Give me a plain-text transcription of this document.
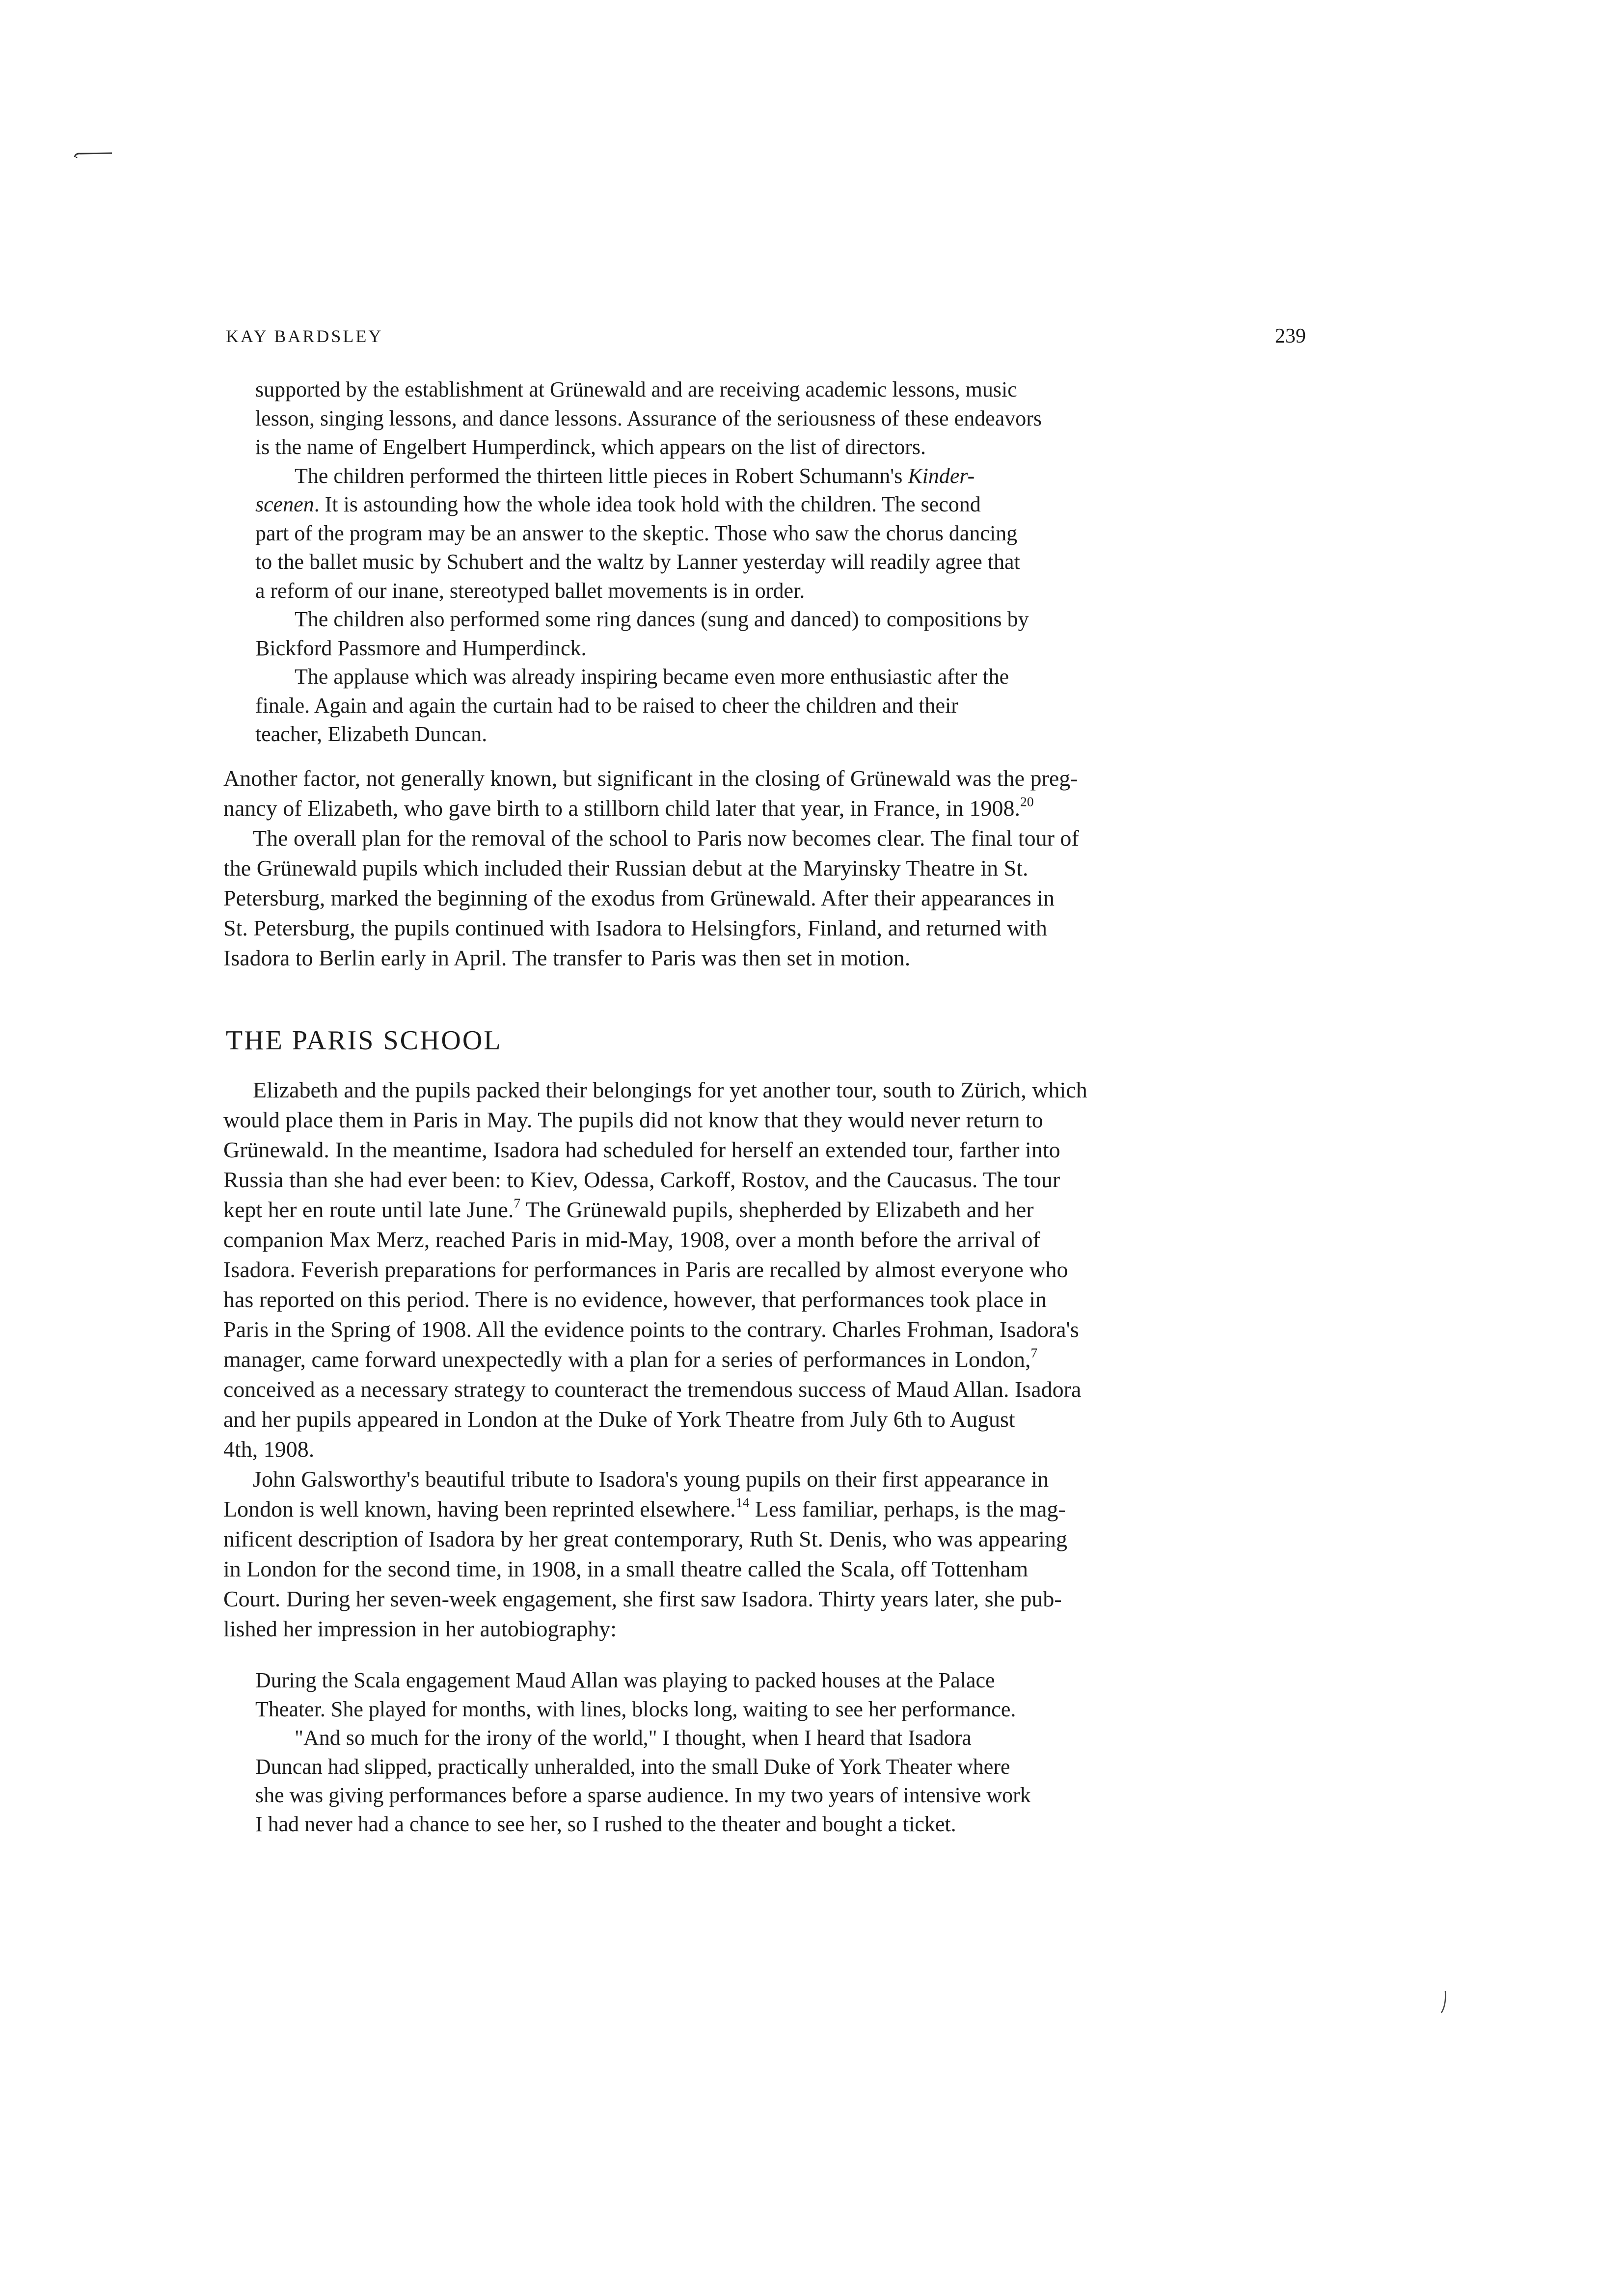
KAY BARDSLEY	239
supported by the establishment at Grünewald and are receiving academic lessons, music
lesson, singing lessons, and dance lessons. Assurance of the seriousness of these endeavors
is the name of Engelbert Humperdinck, which appears on the list of directors.
The children performed the thirteen little pieces in Robert Schumann's Kinder-
scenen. It is astounding how the whole idea took hold with the children. The second
part of the program may be an answer to the skeptic. Those who saw the chorus dancing
to the ballet music by Schubert and the waltz by Lanner yesterday will readily agree that
a reform of our inane, stereotyped ballet movements is in order.
The children also performed some ring dances (sung and danced) to compositions by
Bickford Passmore and Humperdinck.
The applause which was already inspiring became even more enthusiastic after the
finale. Again and again the curtain had to be raised to cheer the children and their
teacher, Elizabeth Duncan.
Another factor, not generally known, but significant in the closing of Grünewald was the preg-
nancy of Elizabeth, who gave birth to a stillborn child later that year, in France, in 1908.20
The overall plan for the removal of the school to Paris now becomes clear. The final tour of
the Grünewald pupils which included their Russian debut at the Maryinsky Theatre in St.
Petersburg, marked the beginning of the exodus from Grünewald. After their appearances in
St. Petersburg, the pupils continued with Isadora to Helsingfors, Finland, and returned with
Isadora to Berlin early in April. The transfer to Paris was then set in motion.
THE PARIS SCHOOL
Elizabeth and the pupils packed their belongings for yet another tour, south to Zürich, which
would place them in Paris in May. The pupils did not know that they would never return to
Grünewald. In the meantime, Isadora had scheduled for herself an extended tour, farther into
Russia than she had ever been: to Kiev, Odessa, Carkoff, Rostov, and the Caucasus. The tour
kept her en route until late June.$^7$ The Grünewald pupils, shepherded by Elizabeth and her
companion Max Merz, reached Paris in mid-May, 1908, over a month before the arrival of
Isadora. Feverish preparations for performances in Paris are recalled by almost everyone who
has reported on this period. There is no evidence, however, that performances took place in
Paris in the Spring of 1908. All the evidence points to the contrary. Charles Frohman, Isadora's
manager, came forward unexpectedly with a plan for a series of performances in London,$^7$
conceived as a necessary strategy to counteract the tremendous success of Maud Allan. Isadora
and her pupils appeared in London at the Duke of York Theatre from July 6th to August
4th, 1908.
John Galsworthy's beautiful tribute to Isadora's young pupils on their first appearance in
London is well known, having been reprinted elsewhere.$^{14}$ Less familiar, perhaps, is the mag-
nificent description of Isadora by her great contemporary, Ruth St. Denis, who was appearing
in London for the second time, in 1908, in a small theatre called the Scala, off Tottenham
Court. During her seven-week engagement, she first saw Isadora. Thirty years later, she pub-
lished her impression in her autobiography:
During the Scala engagement Maud Allan was playing to packed houses at the Palace
Theater. She played for months, with lines, blocks long, waiting to see her performance.
"And so much for the irony of the world," I thought, when I heard that Isadora
Duncan had slipped, practically unheralded, into the small Duke of York Theater where
she was giving performances before a sparse audience. In my two years of intensive work
I had never had a chance to see her, so I rushed to the theater and bought a ticket.
